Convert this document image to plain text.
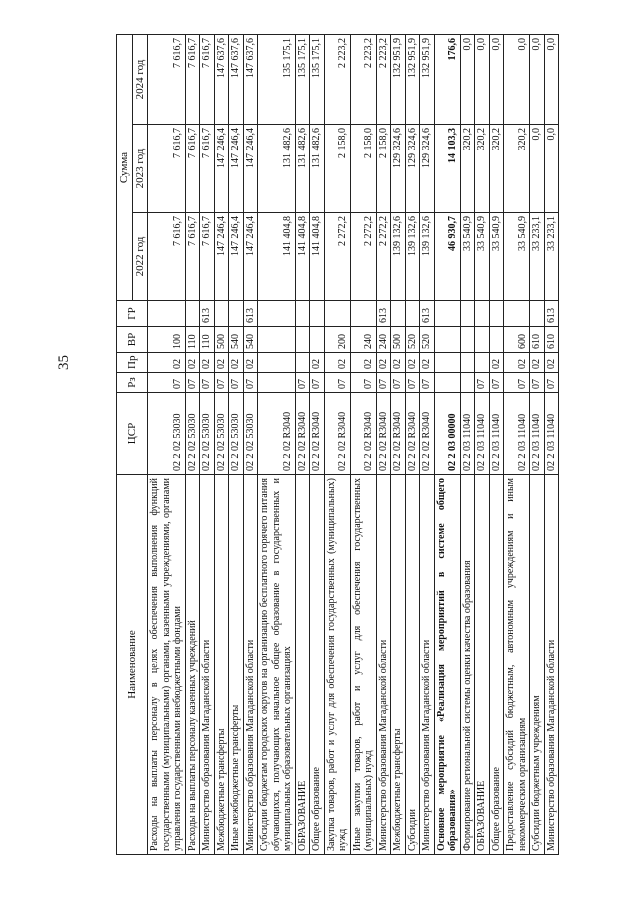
35
Наименование	ЦСР	Рз	Пр	ВР	ГР	Сумма		
						2022 год	2023 год	2024 год
Расходы на выплаты персоналу в целях обеспечения выполнения функций государственными (муниципальными) органами, казенными учреждениями, органами управления государственными внебюджетными фондами	02 2 02 53030	07	02	100		7 616,7	7 616,7	7 616,7
Расходы на выплаты персоналу казенных учреждений	02 2 02 53030	07	02	110		7 616,7	7 616,7	7 616,7
Министерство образования Магаданской области	02 2 02 53030	07	02	110	613	7 616,7	7 616,7	7 616,7
Межбюджетные трансферты	02 2 02 53030	07	02	500		147 246,4	147 246,4	147 637,6
Иные межбюджетные трансферты	02 2 02 53030	07	02	540		147 246,4	147 246,4	147 637,6
Министерство образования Магаданской области	02 2 02 53030	07	02	540	613	147 246,4	147 246,4	147 637,6
Субсидии бюджетам городских округов на организацию бесплатного горячего питания обучающихся, получающих начальное общее образование в государственных и муниципальных образовательных организациях	02 2 02 R3040					141 404,8	131 482,6	135 175,1
ОБРАЗОВАНИЕ	02 2 02 R3040	07				141 404,8	131 482,6	135 175,1
Общее образование	02 2 02 R3040	07	02			141 404,8	131 482,6	135 175,1
Закупка товаров, работ и услуг для обеспечения государственных (муниципальных) нужд	02 2 02 R3040	07	02	200		2 272,2	2 158,0	2 223,2
Иные закупки товаров, работ и услуг для обеспечения государственных (муниципальных) нужд	02 2 02 R3040	07	02	240		2 272,2	2 158,0	2 223,2
Министерство образования Магаданской области	02 2 02 R3040	07	02	240	613	2 272,2	2 158,0	2 223,2
Межбюджетные трансферты	02 2 02 R3040	07	02	500		139 132,6	129 324,6	132 951,9
Субсидии	02 2 02 R3040	07	02	520		139 132,6	129 324,6	132 951,9
Министерство образования Магаданской области	02 2 02 R3040	07	02	520	613	139 132,6	129 324,6	132 951,9
Основное мероприятие «Реализация мероприятий в системе общего образования»	02 2 03 00000					46 930,7	14 103,3	176,6
Формирование региональной системы оценки качества образования	02 2 03 11040					33 540,9	320,2	0,0
ОБРАЗОВАНИЕ	02 2 03 11040	07				33 540,9	320,2	0,0
Общее образование	02 2 03 11040	07	02			33 540,9	320,2	0,0
Предоставление субсидий бюджетным, автономным учреждениям и иным некоммерческим организациям	02 2 03 11040	07	02	600		33 540,9	320,2	0,0
Субсидии бюджетным учреждениям	02 2 03 11040	07	02	610		33 233,1	0,0	0,0
Министерство образования Магаданской области	02 2 03 11040	07	02	610	613	33 233,1	0,0	0,0
